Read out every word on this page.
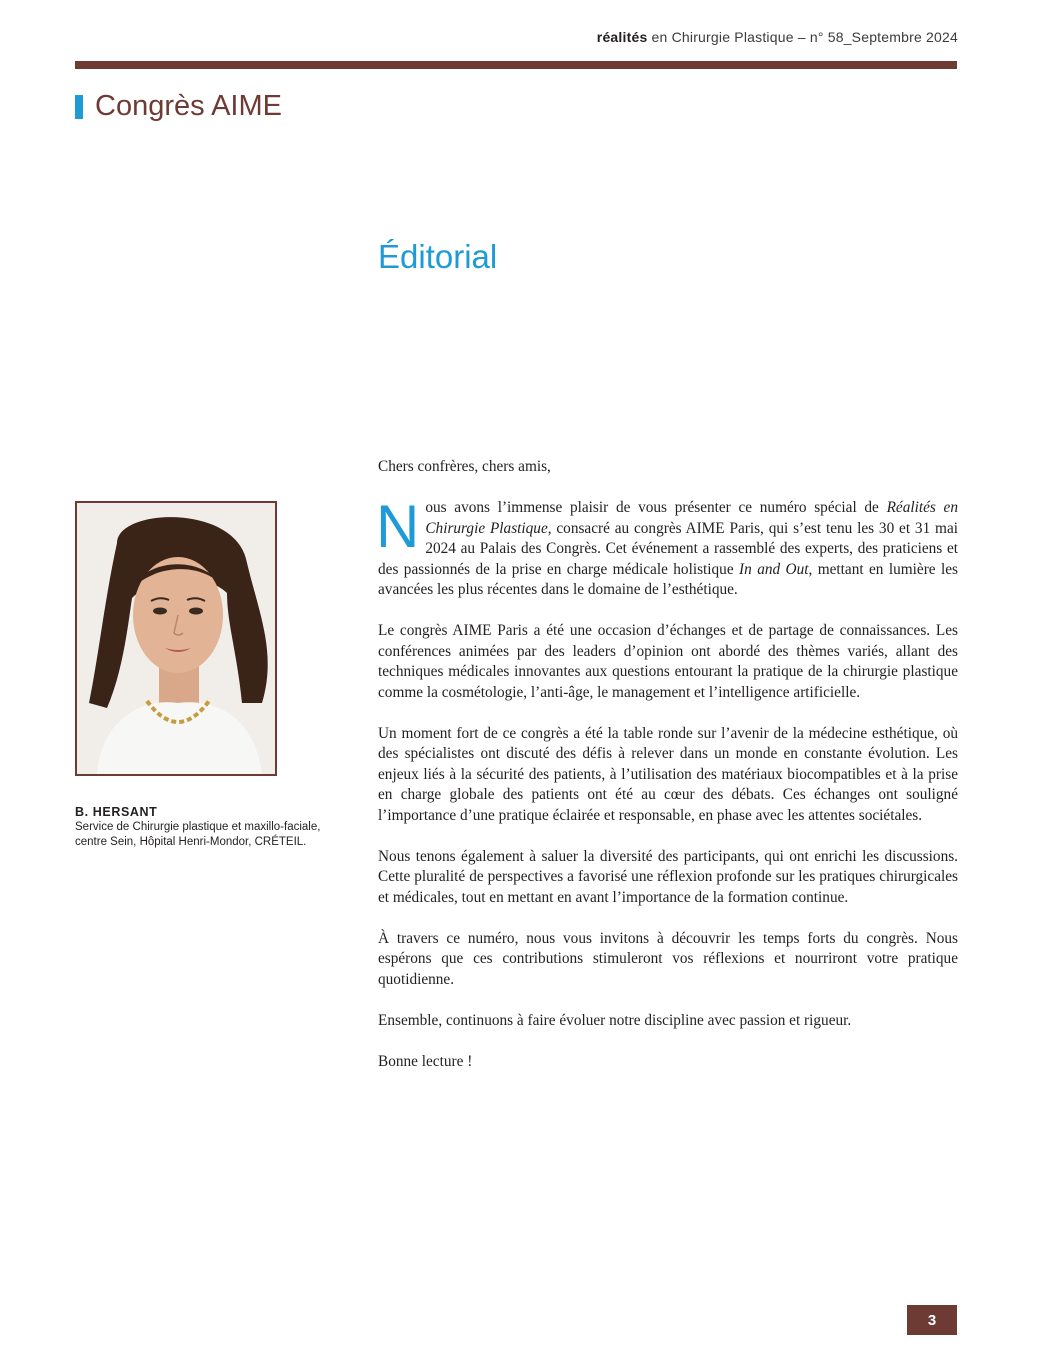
réalités en Chirurgie Plastique – n° 58_Septembre 2024
Congrès AIME
Éditorial
B. HERSANT
Service de Chirurgie plastique et maxillo-faciale, centre Sein, Hôpital Henri-Mondor, CRÉTEIL.

Chers confrères, chers amis,

Nous avons l’immense plaisir de vous présenter ce numéro spécial de Réalités en Chirurgie Plastique, consacré au congrès AIME Paris, qui s’est tenu les 30 et 31 mai 2024 au Palais des Congrès. Cet événement a rassemblé des experts, des praticiens et des passionnés de la prise en charge médicale holistique In and Out, mettant en lumière les avancées les plus récentes dans le domaine de l’esthétique.

Le congrès AIME Paris a été une occasion d’échanges et de partage de connaissances. Les conférences animées par des leaders d’opinion ont abordé des thèmes variés, allant des techniques médicales innovantes aux questions entourant la pratique de la chirurgie plastique comme la cosmétologie, l’anti-âge, le management et l’intelligence artificielle.

Un moment fort de ce congrès a été la table ronde sur l’avenir de la médecine esthétique, où des spécialistes ont discuté des défis à relever dans un monde en constante évolution. Les enjeux liés à la sécurité des patients, à l’utilisation des matériaux biocompatibles et à la prise en charge globale des patients ont été au cœur des débats. Ces échanges ont souligné l’importance d’une pratique éclairée et responsable, en phase avec les attentes sociétales.

Nous tenons également à saluer la diversité des participants, qui ont enrichi les discussions. Cette pluralité de perspectives a favorisé une réflexion profonde sur les pratiques chirurgicales et médicales, tout en mettant en avant l’importance de la formation continue.

À travers ce numéro, nous vous invitons à découvrir les temps forts du congrès. Nous espérons que ces contributions stimuleront vos réflexions et nourriront votre pratique quotidienne.

Ensemble, continuons à faire évoluer notre discipline avec passion et rigueur.

Bonne lecture !

3
